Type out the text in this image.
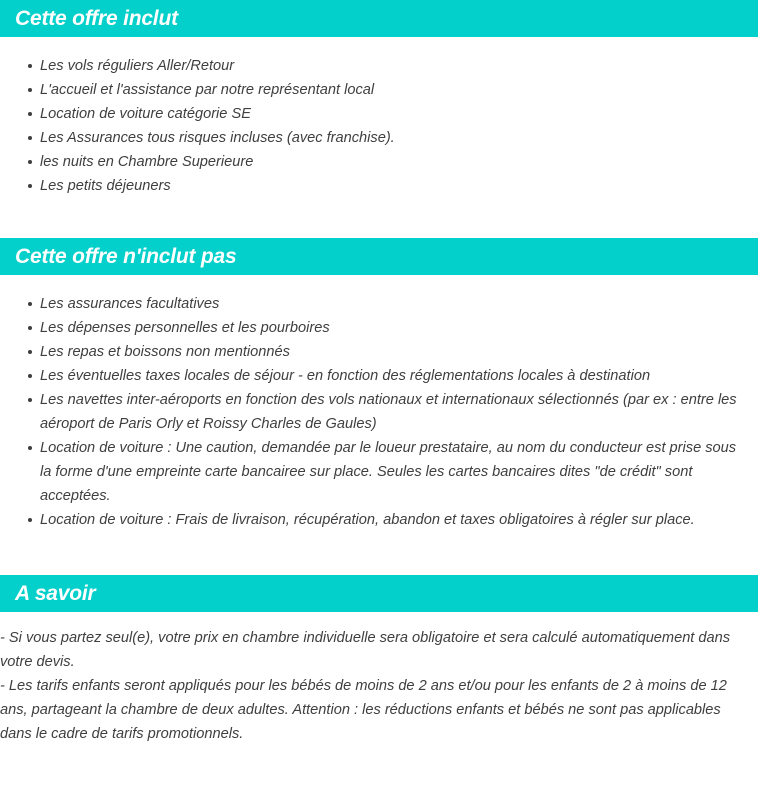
Cette offre inclut
Les vols réguliers Aller/Retour
L'accueil et l'assistance par notre représentant local
Location de voiture catégorie SE
Les Assurances tous risques incluses (avec franchise).
les nuits en Chambre Superieure
Les petits déjeuners
Cette offre n'inclut pas
Les assurances facultatives
Les dépenses personnelles et les pourboires
Les repas et boissons non mentionnés
Les éventuelles taxes locales de séjour - en fonction des réglementations locales à destination
Les navettes inter-aéroports en fonction des vols nationaux et internationaux sélectionnés (par ex : entre les aéroport de Paris Orly et Roissy Charles de Gaules)
Location de voiture : Une caution, demandée par le loueur prestataire, au nom du conducteur est prise sous la forme d'une empreinte carte bancairee sur place. Seules les cartes bancaires dites "de crédit" sont acceptées.
Location de voiture : Frais de livraison, récupération, abandon et taxes obligatoires à régler sur place.
A savoir

- Si vous partez seul(e), votre prix en chambre individuelle sera obligatoire et sera calculé automatiquement dans votre devis.

- Les tarifs enfants seront appliqués pour les bébés de moins de 2 ans et/ou pour les enfants de 2 à moins de 12 ans, partageant la chambre de deux adultes. Attention : les réductions enfants et bébés ne sont pas applicables dans le cadre de tarifs promotionnels.
